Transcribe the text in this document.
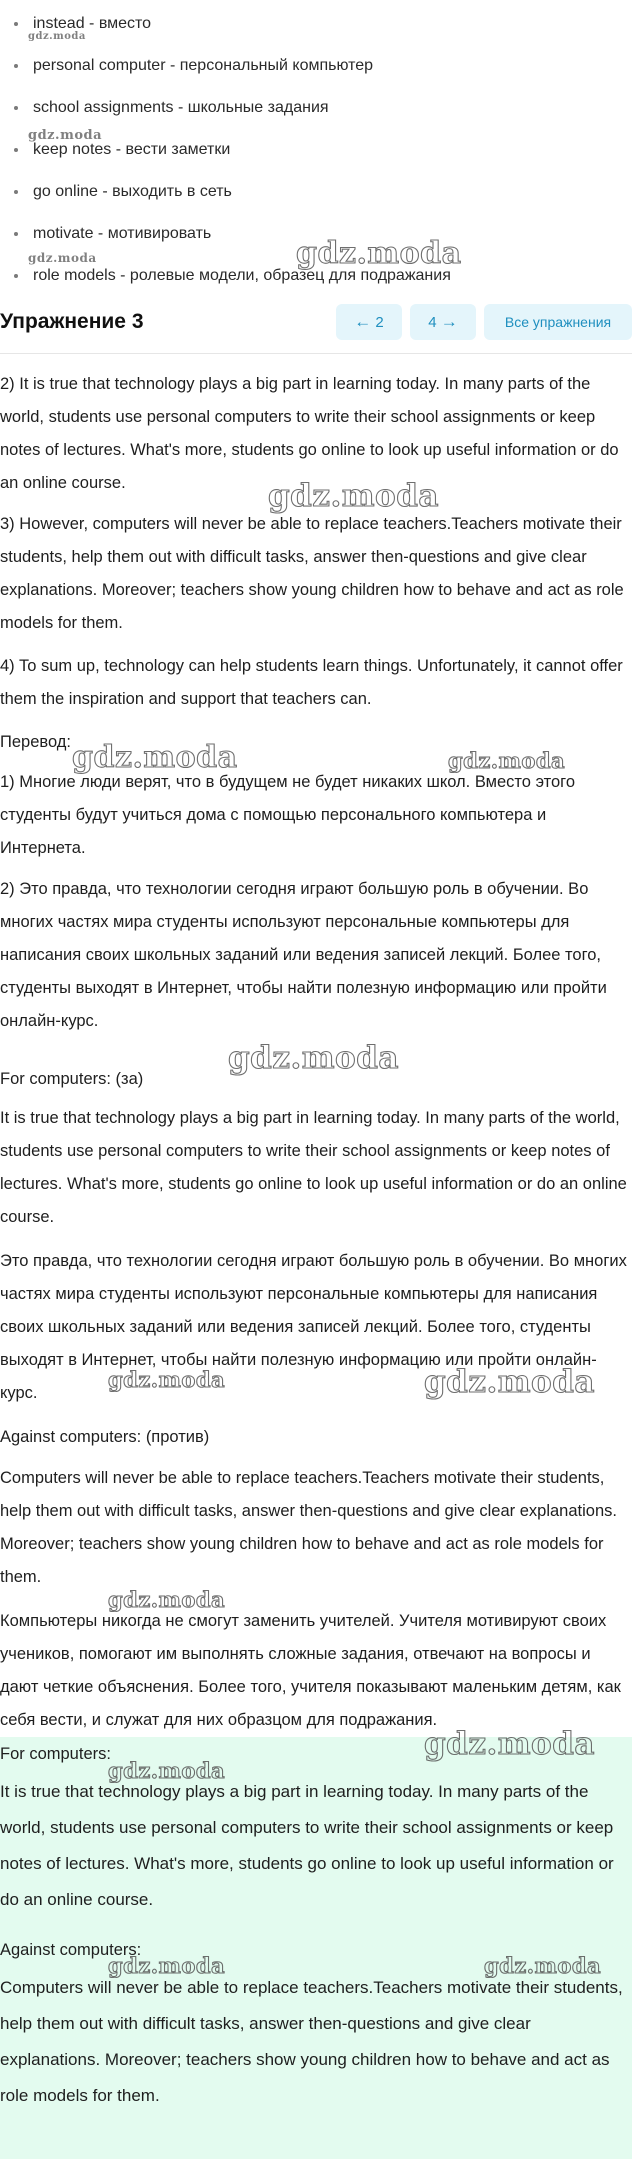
instead - вместо
personal computer - персональный компьютер
school assignments - школьные задания
keep notes - вести заметки
go online - выходить в сеть
motivate - мотивировать
role models - ролевые модели, образец для подражания
Упражнение 3	← 2	4 →	Все упражнения
2) It is true that technology plays a big part in learning today. In many parts of the world, students use personal computers to write their school assignments or keep notes of lectures. What's more, students go online to look up useful information or do an online course.
3) However, computers will never be able to replace teachers.Teachers motivate their students, help them out with difficult tasks, answer then-questions and give clear explanations. Moreover; teachers show young children how to behave and act as role models for them.
4) To sum up, technology can help students learn things. Unfortunately, it cannot offer them the inspiration and support that teachers can.
Перевод:
1) Многие люди верят, что в будущем не будет никаких школ. Вместо этого студенты будут учиться дома с помощью персонального компьютера и Интернета.
2) Это правда, что технологии сегодня играют большую роль в обучении. Во многих частях мира студенты используют персональные компьютеры для написания своих школьных заданий или ведения записей лекций. Более того, студенты выходят в Интернет, чтобы найти полезную информацию или пройти онлайн-курс.
For computers: (за)
It is true that technology plays a big part in learning today. In many parts of the world, students use personal computers to write their school assignments or keep notes of lectures. What's more, students go online to look up useful information or do an online course.
Это правда, что технологии сегодня играют большую роль в обучении. Во многих частях мира студенты используют персональные компьютеры для написания своих школьных заданий или ведения записей лекций. Более того, студенты выходят в Интернет, чтобы найти полезную информацию или пройти онлайн-курс.
Against computers: (против)
Computers will never be able to replace teachers.Teachers motivate their students, help them out with difficult tasks, answer then-questions and give clear explanations. Moreover; teachers show young children how to behave and act as role models for them.
Компьютеры никогда не смогут заменить учителей. Учителя мотивируют своих учеников, помогают им выполнять сложные задания, отвечают на вопросы и дают четкие объяснения. Более того, учителя показывают маленьким детям, как себя вести, и служат для них образцом для подражания.
For computers:
It is true that technology plays a big part in learning today. In many parts of the world, students use personal computers to write their school assignments or keep notes of lectures. What's more, students go online to look up useful information or do an online course.
Against computers:
Computers will never be able to replace teachers.Teachers motivate their students, help them out with difficult tasks, answer then-questions and give clear explanations. Moreover; teachers show young children how to behave and act as role models for them.
gdz.moda
gdz.moda
gdz.moda	gdz.moda
gdz.moda
gdz.moda	gdz.moda
gdz.moda
gdz.moda	gdz.moda
gdz.moda
